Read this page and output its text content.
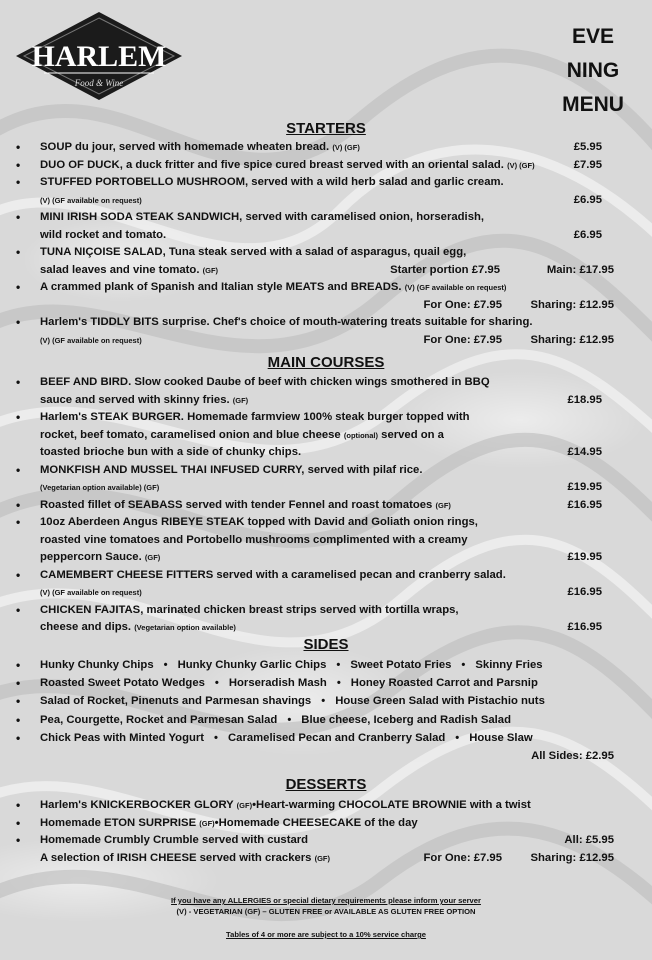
HARLEM
Food & Wine
EVE
NING
MENU
STARTERS
• SOUP du jour, served with homemade wheaten bread. (V) (GF)	£5.95
• DUO OF DUCK, a duck fritter and five spice cured breast served with an oriental salad. (V) (GF)	£7.95
• STUFFED PORTOBELLO MUSHROOM, served with a wild herb salad and garlic cream.
(V) (GF available on request)	£6.95
• MINI IRISH SODA STEAK SANDWICH, served with caramelised onion, horseradish,
wild rocket and tomato.	£6.95
• TUNA NIÇOISE SALAD, Tuna steak served with a salad of asparagus, quail egg,
salad leaves and vine tomato. (GF)	Starter portion £7.95	Main: £17.95
• A crammed plank of Spanish and Italian style MEATS and BREADS. (V) (GF available on request)
For One: £7.95	Sharing: £12.95
• Harlem's TIDDLY BITS surprise. Chef's choice of mouth-watering treats suitable for sharing.
(V) (GF available on request)	For One: £7.95	Sharing: £12.95
MAIN COURSES
• BEEF AND BIRD. Slow cooked Daube of beef with chicken wings smothered in BBQ
sauce and served with skinny fries. (GF)	£18.95
• Harlem's STEAK BURGER. Homemade farmview 100% steak burger topped with
rocket, beef tomato, caramelised onion and blue cheese (optional) served on a
toasted brioche bun with a side of chunky chips.	£14.95
• MONKFISH AND MUSSEL THAI INFUSED CURRY, served with pilaf rice.
(Vegetarian option available) (GF)	£19.95
• Roasted fillet of SEABASS served with tender Fennel and roast tomatoes (GF)	£16.95
• 10oz Aberdeen Angus RIBEYE STEAK topped with David and Goliath onion rings,
roasted vine tomatoes and Portobello mushrooms complimented with a creamy
peppercorn Sauce. (GF)	£19.95
• CAMEMBERT CHEESE FITTERS served with a caramelised pecan and cranberry salad.
(V) (GF available on request)	£16.95
• CHICKEN FAJITAS, marinated chicken breast strips served with tortilla wraps,
cheese and dips. (Vegetarian option available)	£16.95
SIDES
• Hunky Chunky Chips • Hunky Chunky Garlic Chips • Sweet Potato Fries • Skinny Fries
• Roasted Sweet Potato Wedges • Horseradish Mash • Honey Roasted Carrot and Parsnip
• Salad of Rocket, Pinenuts and Parmesan shavings • House Green Salad with Pistachio nuts
• Pea, Courgette, Rocket and Parmesan Salad • Blue cheese, Iceberg and Radish Salad
• Chick Peas with Minted Yogurt • Caramelised Pecan and Cranberry Salad • House Slaw
All Sides: £2.95
DESSERTS
• Harlem's KNICKERBOCKER GLORY (GF)•Heart-warming CHOCOLATE BROWNIE with a twist
• Homemade ETON SURPRISE (GF)•Homemade CHEESECAKE of the day
• Homemade Crumbly Crumble served with custard	All: £5.95
A selection of IRISH CHEESE served with crackers (GF)	For One: £7.95	Sharing: £12.95
If you have any ALLERGIES or special dietary requirements please inform your server
(V) - VEGETARIAN (GF) – GLUTEN FREE or AVAILABLE AS GLUTEN FREE OPTION
Tables of 4 or more are subject to a 10% service charge
